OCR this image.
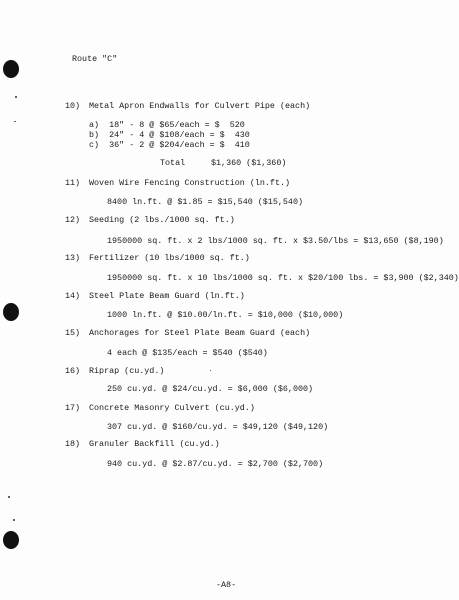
Route "C"
10) Metal Apron Endwalls for Culvert Pipe (each)
a)  18" - 8 @ $65/each = $  520
b)  24" - 4 @ $108/each = $  430
c)  36" - 2 @ $204/each = $  410
Total	$1,360 ($1,360)
11) Woven Wire Fencing Construction (ln.ft.)
8400 ln.ft. @ $1.85 = $15,540 ($15,540)
12) Seeding (2 lbs./1000 sq. ft.)
1950000 sq. ft. x 2 lbs/1000 sq. ft. x $3.50/lbs = $13,650 ($8,190)
13) Fertilizer (10 lbs/1000 sq. ft.)
1950000 sq. ft. x 10 lbs/1000 sq. ft. x $20/100 lbs. = $3,900 ($2,340)
14) Steel Plate Beam Guard (ln.ft.)
1000 ln.ft. @ $10.00/ln.ft. = $10,000 ($10,000)
15) Anchorages for Steel Plate Beam Guard (each)
4 each @ $135/each = $540 ($540)
16) Riprap (cu.yd.)
250 cu.yd. @ $24/cu.yd. = $6,000 ($6,000)
17) Concrete Masonry Culvert (cu.yd.)
307 cu.yd. @ $160/cu.yd. = $49,120 ($49,120)
18) Granuler Backfill (cu.yd.)
940 cu.yd. @ $2.87/cu.yd. = $2,700 ($2,700)
-A8-
